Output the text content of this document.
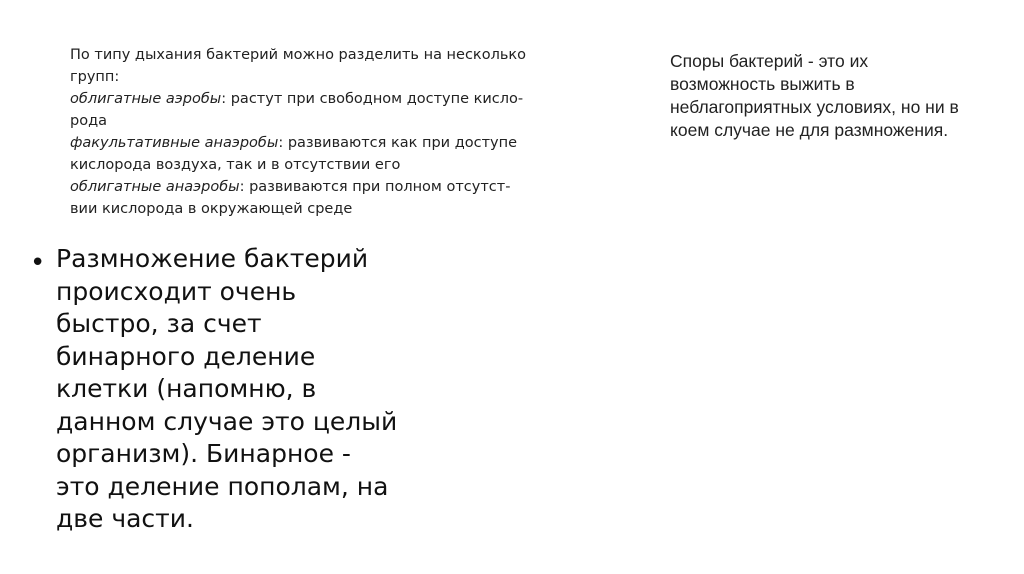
По типу дыхания бактерий можно разделить на несколько
групп:
облигатные аэробы: растут при свободном доступе кисло-
рода
факультативные анаэробы: развиваются как при доступе
кислорода воздуха, так и в отсутствии его
облигатные анаэробы: развиваются при полном отсутст-
вии кислорода в окружающей среде
Споры бактерий - это их
возможность выжить в
неблагоприятных условиях, но ни в
коем случае не для размножения.
• Размножение бактерий
происходит очень
быстро, за счет
бинарного деление
клетки (напомню, в
данном случае это целый
организм). Бинарное -
это деление пополам, на
две части.
